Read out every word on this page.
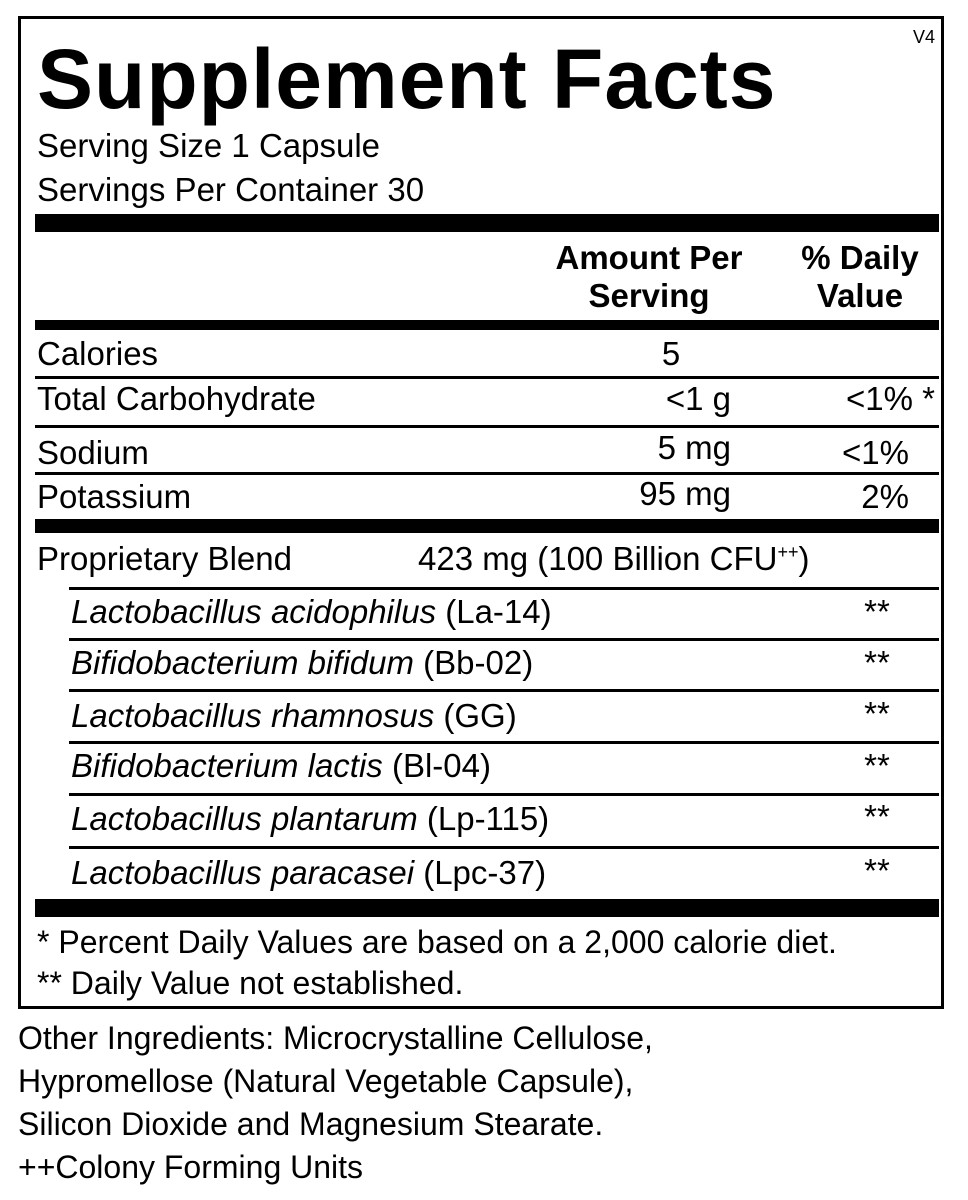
Supplement Facts	V4
Serving Size 1 Capsule
Servings Per Container 30
Amount Per
Serving
% Daily
Value
Calories	5
Total Carbohydrate	<1 g	<1% *
Sodium	5 mg	<1%
Potassium	95 mg	2%
Proprietary Blend	423 mg (100 Billion CFU++)
Lactobacillus acidophilus (La-14)	**
Bifidobacterium bifidum (Bb-02)	**
Lactobacillus rhamnosus (GG)	**
Bifidobacterium lactis (Bl-04)	**
Lactobacillus plantarum (Lp-115)	**
Lactobacillus paracasei (Lpc-37)	**
* Percent Daily Values are based on a 2,000 calorie diet.
** Daily Value not established.
Other Ingredients: Microcrystalline Cellulose,
Hypromellose (Natural Vegetable Capsule),
Silicon Dioxide and Magnesium Stearate.
++Colony Forming Units
